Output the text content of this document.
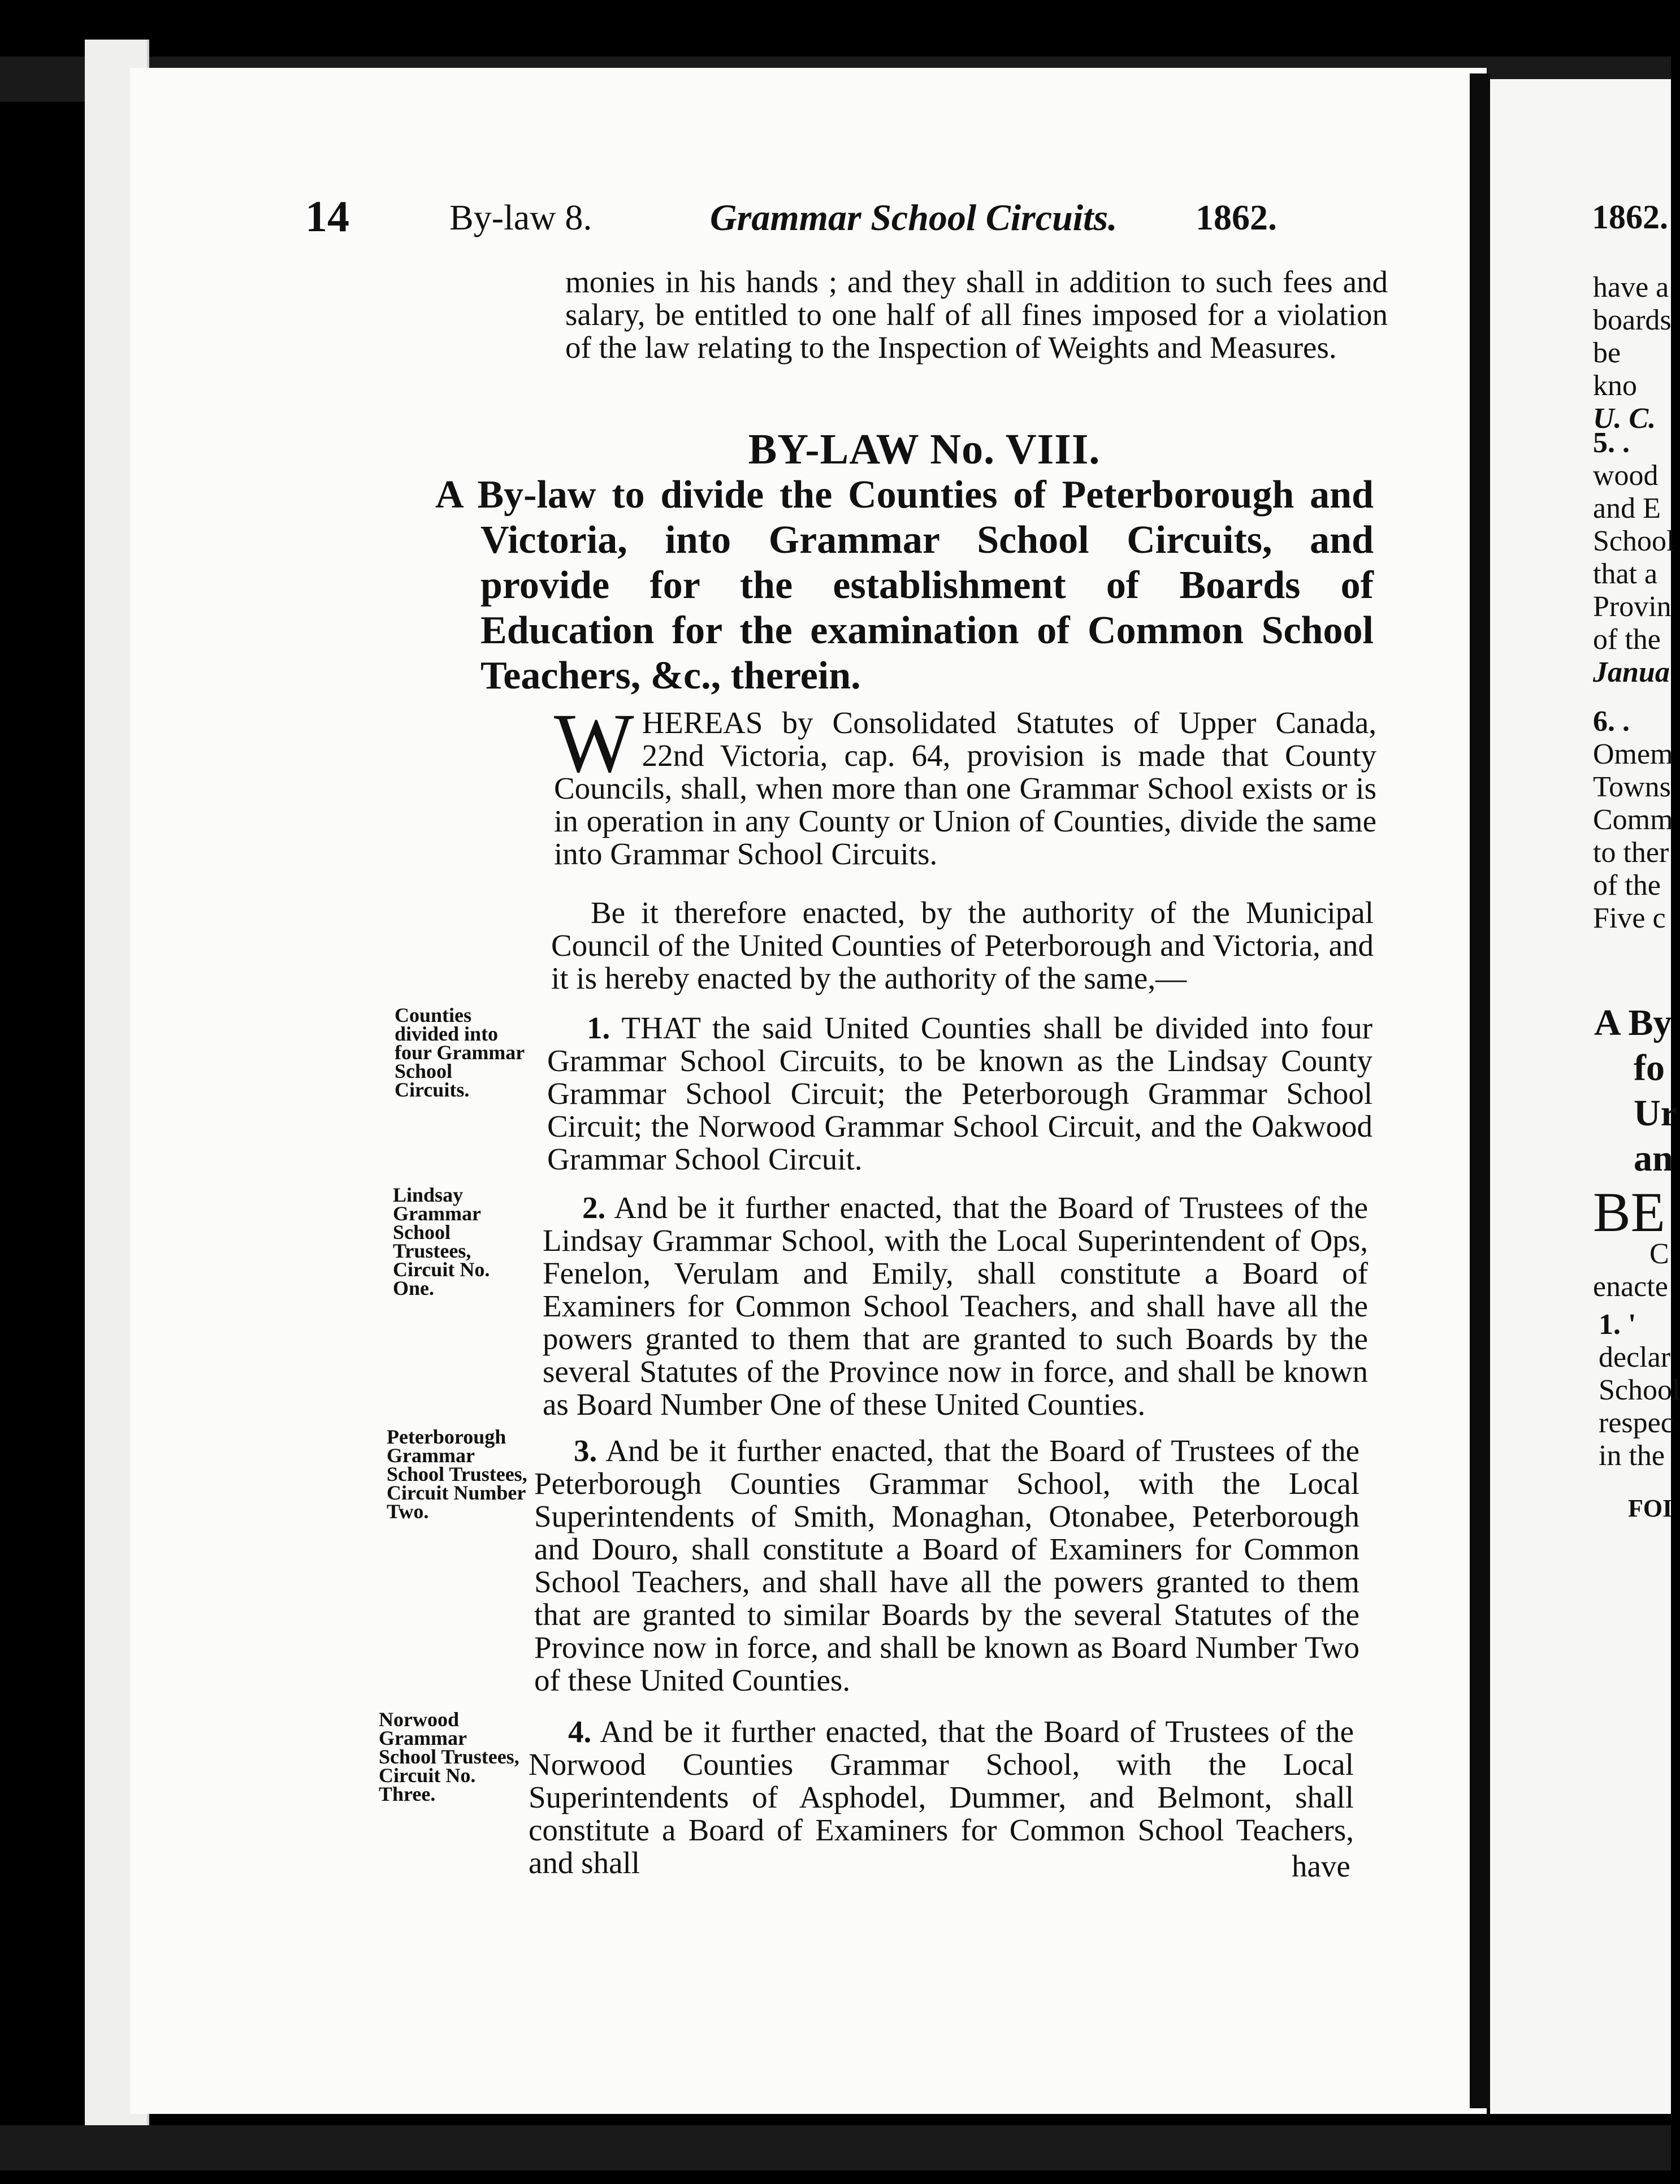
14	By-law 8.	Grammar School Circuits. 1862.
monies in his hands ; and they shall in addition to such fees and salary, be entitled to one half of all fines imposed for a violation of the law relating to the Inspection of Weights and Measures.
BY-LAW No. VIII.
A By-law to divide the Counties of Peterborough and Victoria, into Grammar School Circuits, and provide for the establishment of Boards of Education for the examination of Common School Teachers, &c., therein.
WHEREAS by Consolidated Statutes of Upper Canada, 22nd Victoria, cap. 64, provision is made that County Councils, shall, when more than one Grammar School exists or is in operation in any County or Union of Counties, divide the same into Grammar School Circuits.
Be it therefore enacted, by the authority of the Municipal Council of the United Counties of Peterborough and Victoria, and it is hereby enacted by the authority of the same,—
Counties divided into four Grammar School Circuits.
1. THAT the said United Counties shall be divided into four Grammar School Circuits, to be known as the Lindsay County Grammar School Circuit; the Peterborough Grammar School Circuit; the Norwood Grammar School Circuit, and the Oakwood Grammar School Circuit.
Lindsay Grammar School Trustees, Circuit No. One.
2. And be it further enacted, that the Board of Trustees of the Lindsay Grammar School, with the Local Superintendent of Ops, Fenelon, Verulam and Emily, shall constitute a Board of Examiners for Common School Teachers, and shall have all the powers granted to them that are granted to such Boards by the several Statutes of the Province now in force, and shall be known as Board Number One of these United Counties.
Peterborough Grammar School Trustees, Circuit Number Two.
3. And be it further enacted, that the Board of Trustees of the Peterborough Counties Grammar School, with the Local Superintendents of Smith, Monaghan, Otonabee, Peterborough and Douro, shall constitute a Board of Examiners for Common School Teachers, and shall have all the powers granted to them that are granted to similar Boards by the several Statutes of the Province now in force, and shall be known as Board Number Two of these United Counties.
Norwood Grammar School Trustees, Circuit No. Three.
4. And be it further enacted, that the Board of Trustees of the Norwood Counties Grammar School, with the Local Superintendents of Asphodel, Dummer, and Belmont, shall constitute a Board of Examiners for Common School Teachers, and shall	have
1862.
have a
boards
be kno
U. C.
5. .
wood
and E
School
that a
Provin
of the
Janua
6. .
Omem
Towns
Comm
to ther
of the
Five c
A By
fo
Ur
an
BE
C
enacte
1. '
declar
School
respec
in the
FOI
